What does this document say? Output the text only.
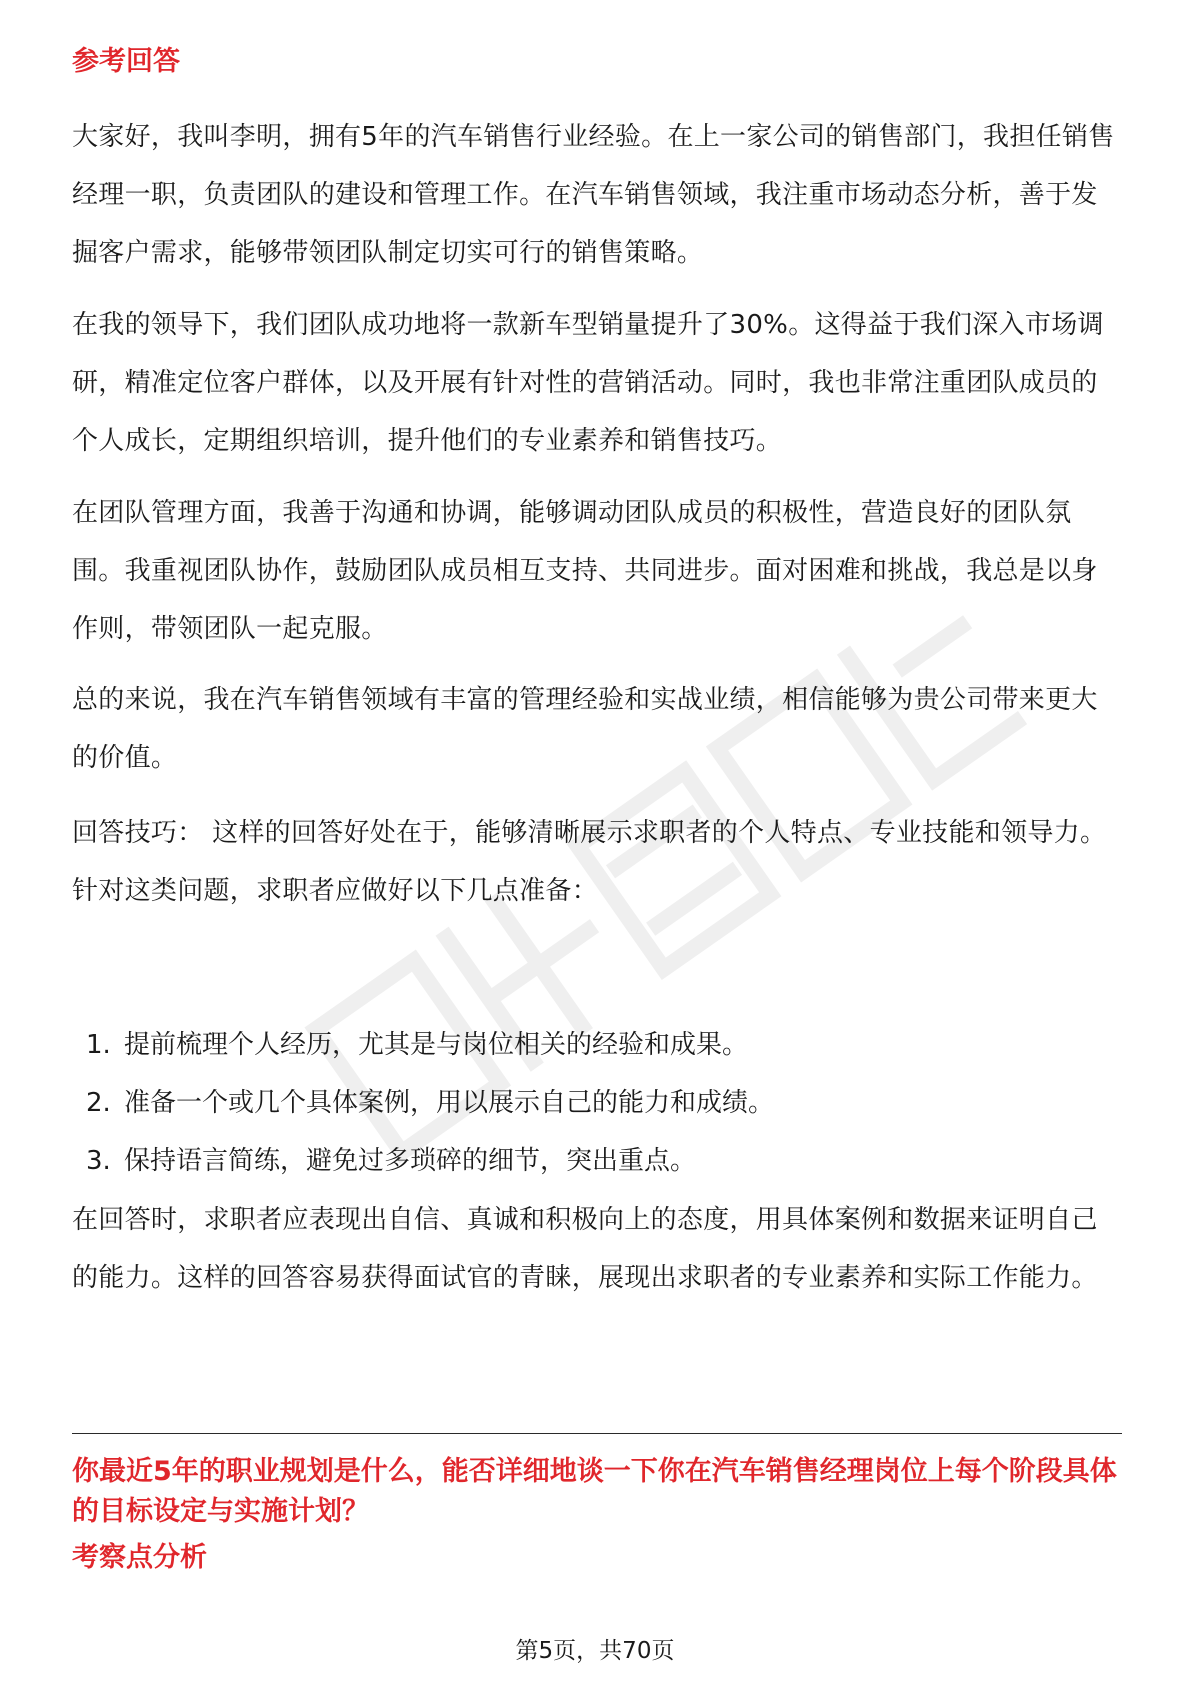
参考回答

大家好，我叫李明，拥有5年的汽车销售行业经验。在上一家公司的销售部门，我担任销售经理一职，负责团队的建设和管理工作。在汽车销售领域，我注重市场动态分析，善于发掘客户需求，能够带领团队制定切实可行的销售策略。

在我的领导下，我们团队成功地将一款新车型销量提升了30%。这得益于我们深入市场调研，精准定位客户群体，以及开展有针对性的营销活动。同时，我也非常注重团队成员的个人成长，定期组织培训，提升他们的专业素养和销售技巧。

在团队管理方面，我善于沟通和协调，能够调动团队成员的积极性，营造良好的团队氛围。我重视团队协作，鼓励团队成员相互支持、共同进步。面对困难和挑战，我总是以身作则，带领团队一起克服。

总的来说，我在汽车销售领域有丰富的管理经验和实战业绩，相信能够为贵公司带来更大的价值。

回答技巧： 这样的回答好处在于，能够清晰展示求职者的个人特点、专业技能和领导力。针对这类问题，求职者应做好以下几点准备：

1. 提前梳理个人经历，尤其是与岗位相关的经验和成果。
2. 准备一个或几个具体案例，用以展示自己的能力和成绩。
3. 保持语言简练，避免过多琐碎的细节，突出重点。

在回答时，求职者应表现出自信、真诚和积极向上的态度，用具体案例和数据来证明自己的能力。这样的回答容易获得面试官的青睐，展现出求职者的专业素养和实际工作能力。

你最近5年的职业规划是什么，能否详细地谈一下你在汽车销售经理岗位上每个阶段具体的目标设定与实施计划？
考察点分析
第5页，共70页
